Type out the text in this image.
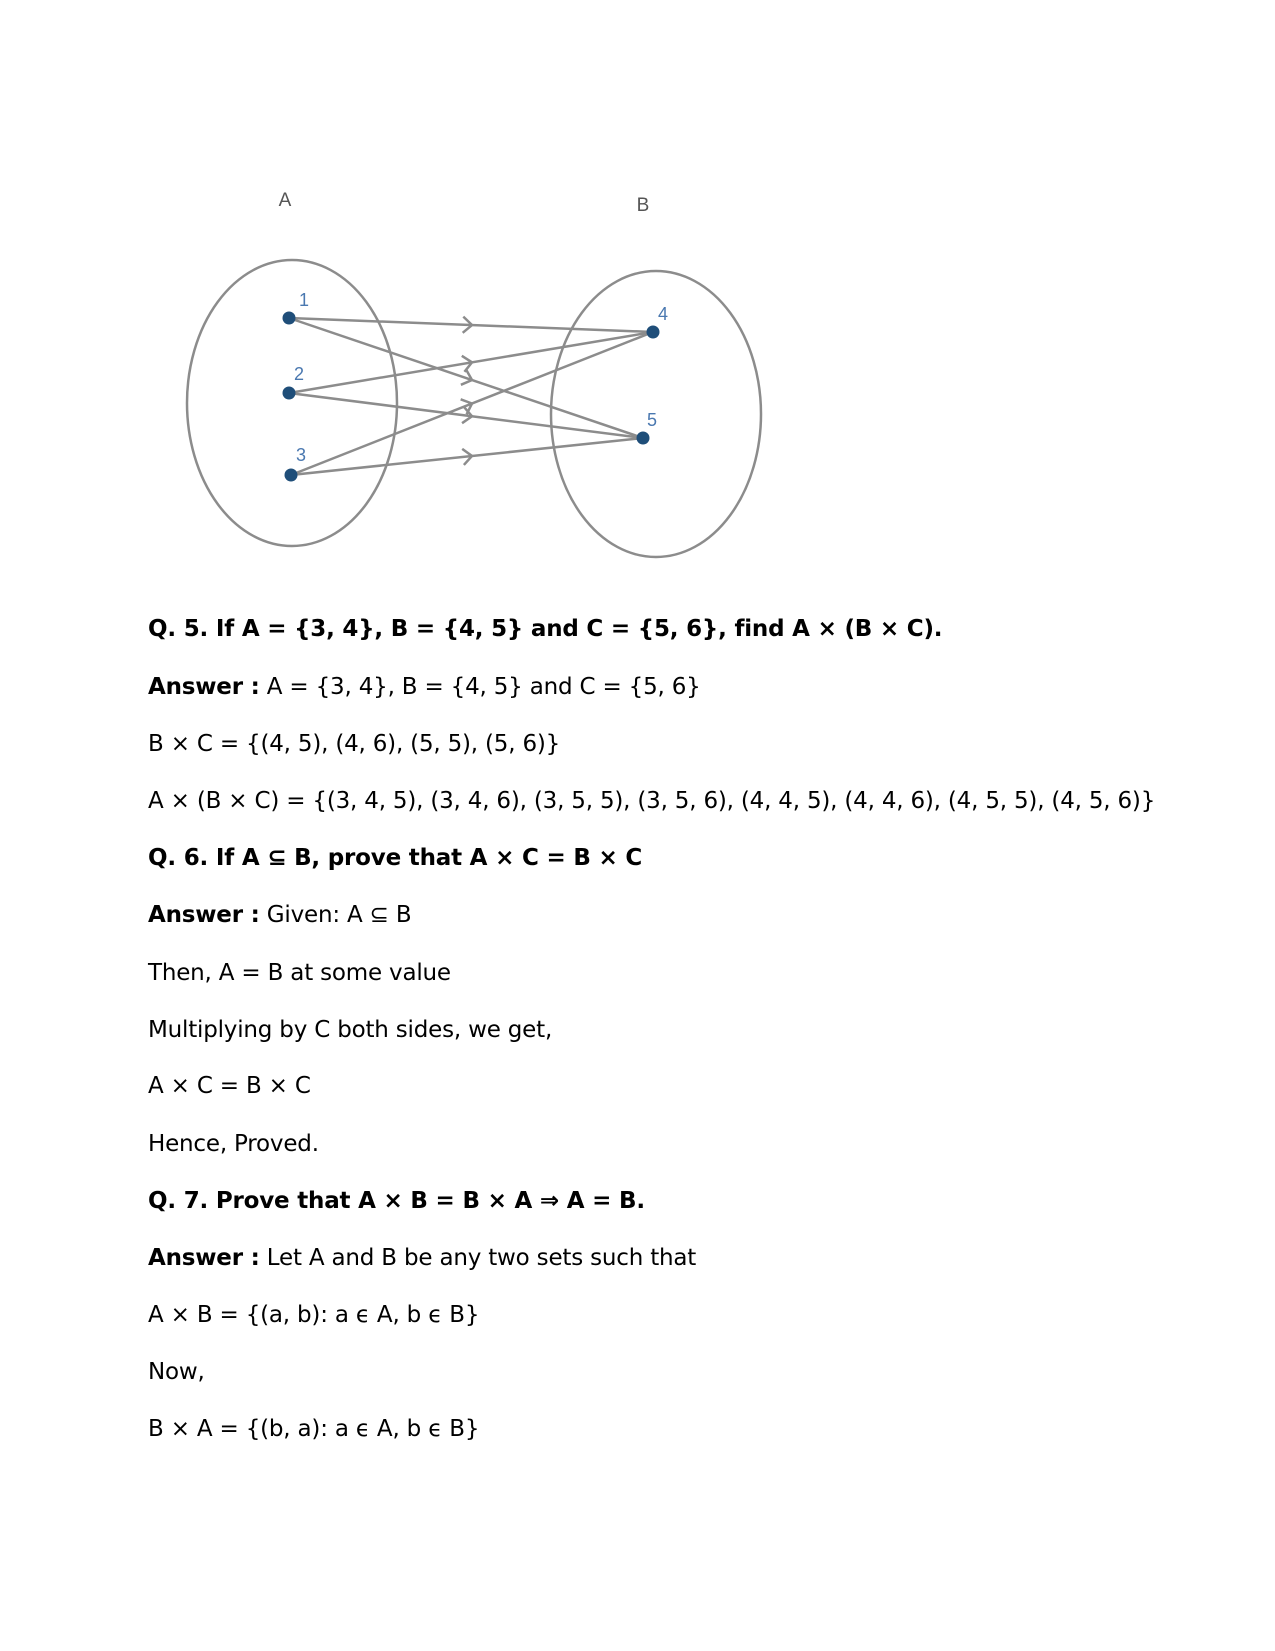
A	B
1
2
3
4
5

Q. 5. If A = {3, 4}, B = {4, 5} and C = {5, 6}, find A × (B × C).

Answer : A = {3, 4}, B = {4, 5} and C = {5, 6}

B × C = {(4, 5), (4, 6), (5, 5), (5, 6)}

A × (B × C) = {(3, 4, 5), (3, 4, 6), (3, 5, 5), (3, 5, 6), (4, 4, 5), (4, 4, 6), (4, 5, 5), (4, 5, 6)}

Q. 6. If A ⊆ B, prove that A × C = B × C

Answer : Given: A ⊆ B

Then, A = B at some value

Multiplying by C both sides, we get,

A × C = B × C

Hence, Proved.

Q. 7. Prove that A × B = B × A ⇒ A = B.

Answer : Let A and B be any two sets such that

A × B = {(a, b): a ϵ A, b ϵ B}

Now,

B × A = {(b, a): a ϵ A, b ϵ B}
